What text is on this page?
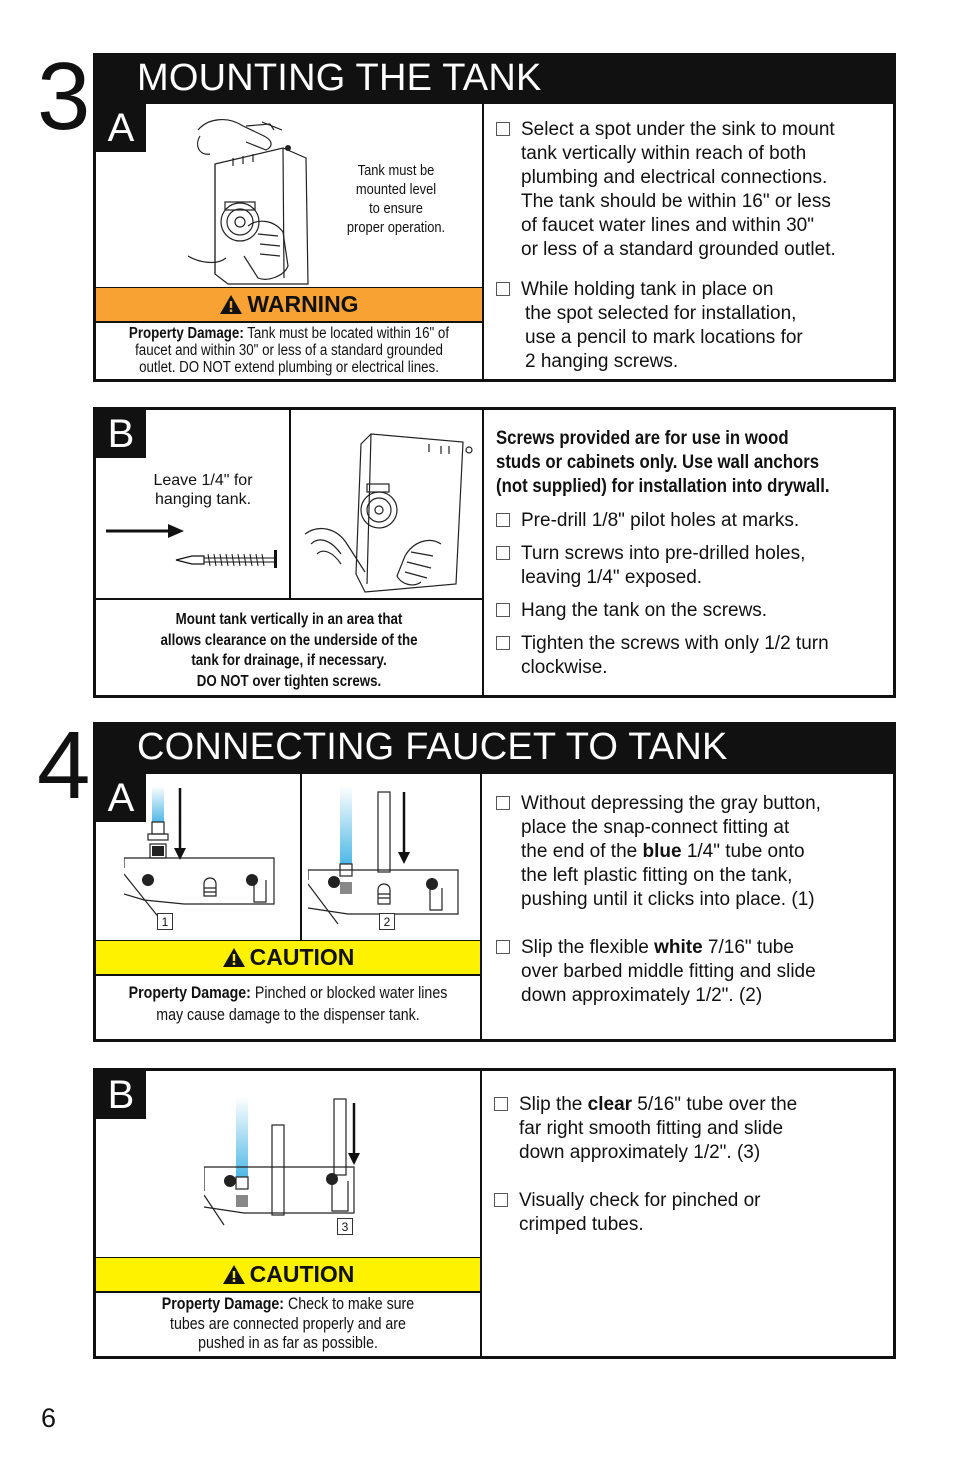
3	MOUNTING THE TANK
A
Tank must be
mounted level
to ensure
proper operation.
WARNING
Property Damage: Tank must be located within 16" of
faucet and within 30" or less of a standard grounded
outlet. DO NOT extend plumbing or electrical lines.
Select a spot under the sink to mount
tank vertically within reach of both
plumbing and electrical connections.
The tank should be within 16" or less
of faucet water lines and within 30"
or less of a standard grounded outlet.
While holding tank in place on
the spot selected for installation,
use a pencil to mark locations for
2 hanging screws.
B
Leave 1/4" for
hanging tank.
Mount tank vertically in an area that
allows clearance on the underside of the
tank for drainage, if necessary.
DO NOT over tighten screws.
Screws provided are for use in wood
studs or cabinets only. Use wall anchors
(not supplied) for installation into drywall.
Pre-drill 1/8" pilot holes at marks.
Turn screws into pre-drilled holes,
leaving 1/4" exposed.
Hang the tank on the screws.
Tighten the screws with only 1/2 turn
clockwise.
4	CONNECTING FAUCET TO TANK
A
1	2
CAUTION
Property Damage: Pinched or blocked water lines
may cause damage to the dispenser tank.
Without depressing the gray button,
place the snap-connect fitting at
the end of the blue 1/4" tube onto
the left plastic fitting on the tank,
pushing until it clicks into place. (1)
Slip the flexible white 7/16" tube
over barbed middle fitting and slide
down approximately 1/2". (2)
B
3
CAUTION
Property Damage: Check to make sure
tubes are connected properly and are
pushed in as far as possible.
Slip the clear 5/16" tube over the
far right smooth fitting and slide
down approximately 1/2". (3)
Visually check for pinched or
crimped tubes.
6
